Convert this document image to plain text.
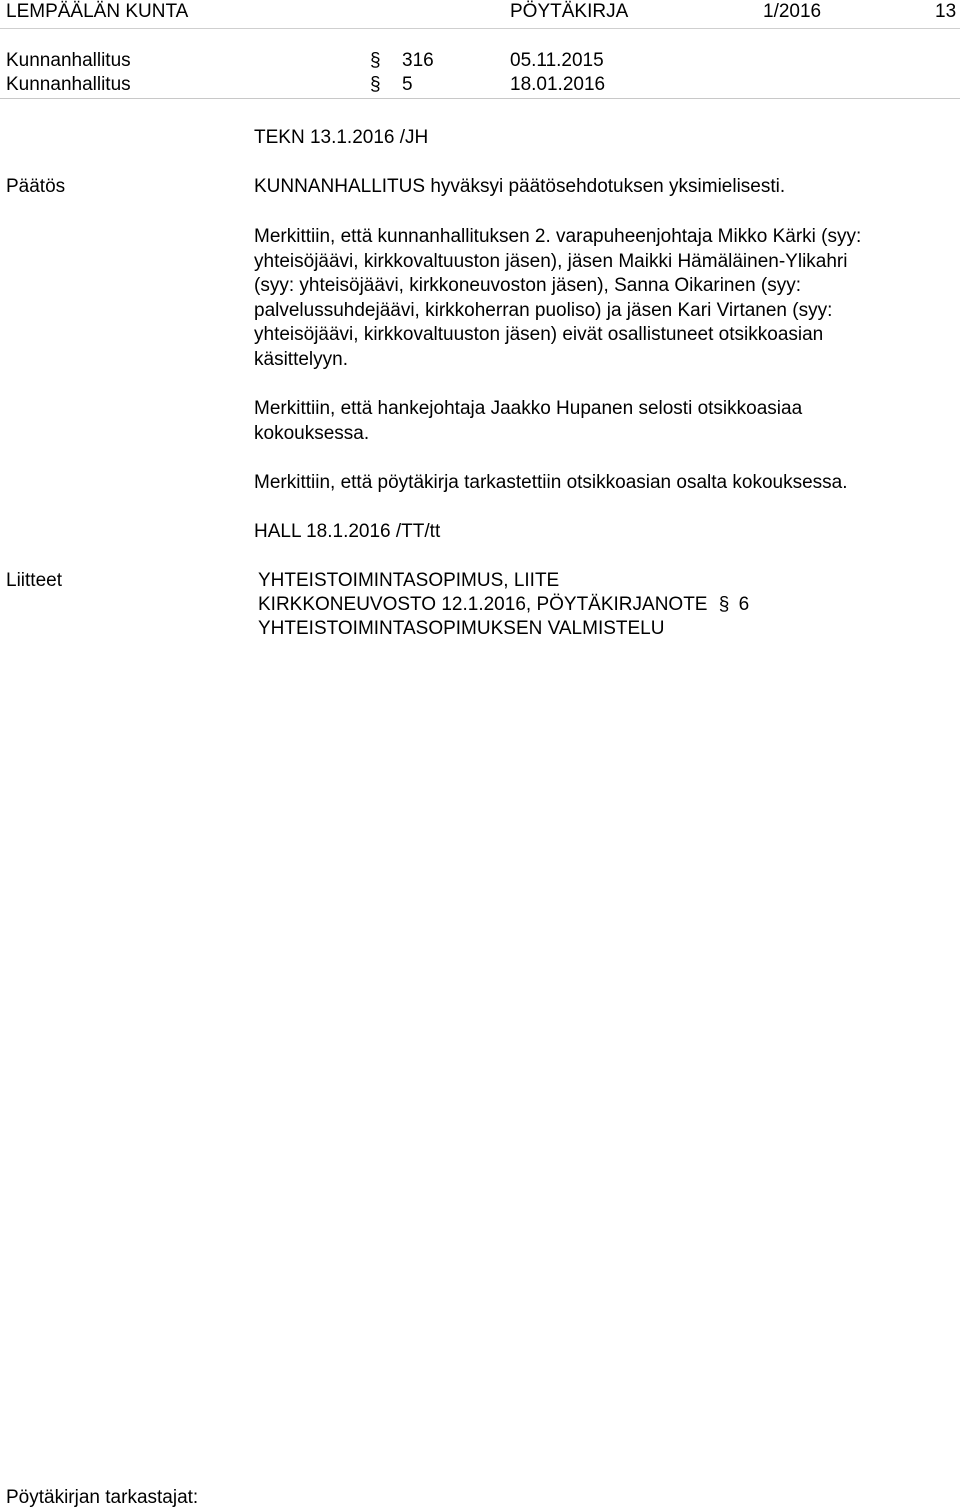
LEMPÄÄLÄN KUNTA	PÖYTÄKIRJA	1/2016	13
Kunnanhallitus	§ 316	05.11.2015
Kunnanhallitus	§ 5	18.01.2016
TEKN 13.1.2016 /JH
Päätös	KUNNANHALLITUS hyväksyi päätösehdotuksen yksimielisesti.
Merkittiin, että kunnanhallituksen 2. varapuheenjohtaja Mikko Kärki (syy:
yhteisöjäävi, kirkkovaltuuston jäsen), jäsen Maikki Hämäläinen-Ylikahri
(syy: yhteisöjäävi, kirkkoneuvoston jäsen), Sanna Oikarinen (syy:
palvelussuhdejäävi, kirkkoherran puoliso) ja jäsen Kari Virtanen (syy:
yhteisöjäävi, kirkkovaltuuston jäsen) eivät osallistuneet otsikkoasian
käsittelyyn.
Merkittiin, että hankejohtaja Jaakko Hupanen selosti otsikkoasiaa
kokouksessa.
Merkittiin, että pöytäkirja tarkastettiin otsikkoasian osalta kokouksessa.
HALL 18.1.2016 /TT/tt
Liitteet	YHTEISTOIMINTASOPIMUS, LIITE
KIRKKONEUVOSTO 12.1.2016, PÖYTÄKIRJANOTE § 6
YHTEISTOIMINTASOPIMUKSEN VALMISTELU
Pöytäkirjan tarkastajat:
